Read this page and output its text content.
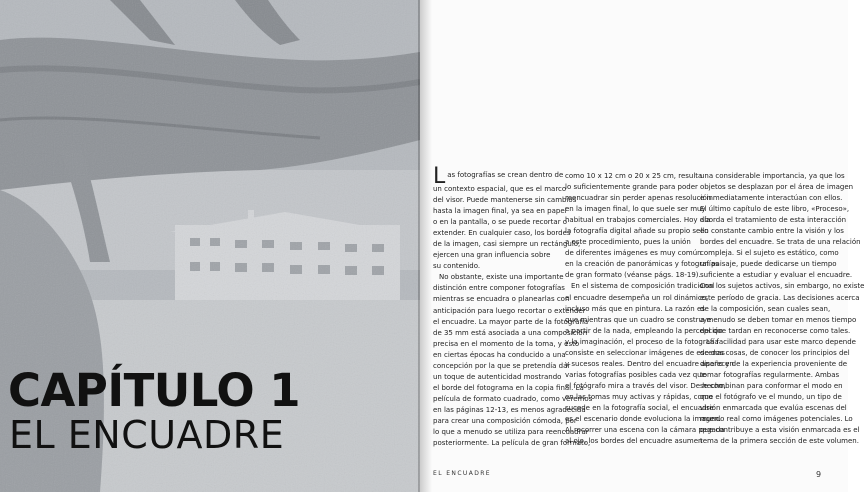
CAPÍTULO 1
EL ENCUADRE
Las fotografías se crean dentro de
un contexto espacial, que es el marco
del visor. Puede mantenerse sin cambios
hasta la imagen final, ya sea en papel
o en la pantalla, o se puede recortar o
extender. En cualquier caso, los bordes
de la imagen, casi siempre un rectángulo,
ejercen una gran influencia sobre
su contenido.
No obstante, existe una importante
distinción entre componer fotografías
mientras se encuadra o planearlas con
anticipación para luego recortar o extender
el encuadre. La mayor parte de la fotografía
de 35 mm está asociada a una composición
precisa en el momento de la toma, y esto
en ciertas épocas ha conducido a una
concepción por la que se pretendía dar
un toque de autenticidad mostrando
el borde del fotograma en la copia final. La
película de formato cuadrado, como veremos
en las páginas 12-13, es menos agradecida
para crear una composición cómoda, por
lo que a menudo se utiliza para reencuadrar
posteriormente. La película de gran formato,
como 10 x 12 cm o 20 x 25 cm, resulta
lo suficientemente grande para poder
reencuadrar sin perder apenas resolución
en la imagen final, lo que suele ser muy
habitual en trabajos comerciales. Hoy día
la fotografía digital añade su propio sello
a este procedimiento, pues la unión
de diferentes imágenes es muy común
en la creación de panorámicas y fotografías
de gran formato (véanse págs. 18-19).
En el sistema de composición tradicional
el encuadre desempeña un rol dinámico,
incluso más que en pintura. La razón es
que mientras que un cuadro se construye
a partir de la nada, empleando la percepción
y la imaginación, el proceso de la fotografía
consiste en seleccionar imágenes de escenas
y sucesos reales. Dentro del encuadre aparecen
varias fotografías posibles cada vez que
el fotógrafo mira a través del visor. De hecho,
en las tomas muy activas y rápidas, como
sucede en la fotografía social, el encuadre
es el escenario donde evoluciona la imagen.
Al recorrer una escena con la cámara pegada
al ojo, los bordes del encuadre asumen
una considerable importancia, ya que los
objetos se desplazan por el área de imagen
e inmediatamente interactúan con ellos.
El último capítulo de este libro, «Proceso»,
aborda el tratamiento de esta interacción
en constante cambio entre la visión y los
bordes del encuadre. Se trata de una relación
compleja. Si el sujeto es estático, como
un paisaje, puede dedicarse un tiempo
suficiente a estudiar y evaluar el encuadre.
Con los sujetos activos, sin embargo, no existe
este período de gracia. Las decisiones acerca
de la composición, sean cuales sean,
a menudo se deben tomar en menos tiempo
del que tardan en reconocerse como tales.
La facilidad para usar este marco depende
de dos cosas, de conocer los principios del
diseño y de la experiencia proveniente de
tomar fotografías regularmente. Ambas
se combinan para conformar el modo en
que el fotógrafo ve el mundo, un tipo de
visión enmarcada que evalúa escenas del
mundo real como imágenes potenciales. Lo
que contribuye a esta visión enmarcada es el
tema de la primera sección de este volumen.
EL ENCUADRE	9
